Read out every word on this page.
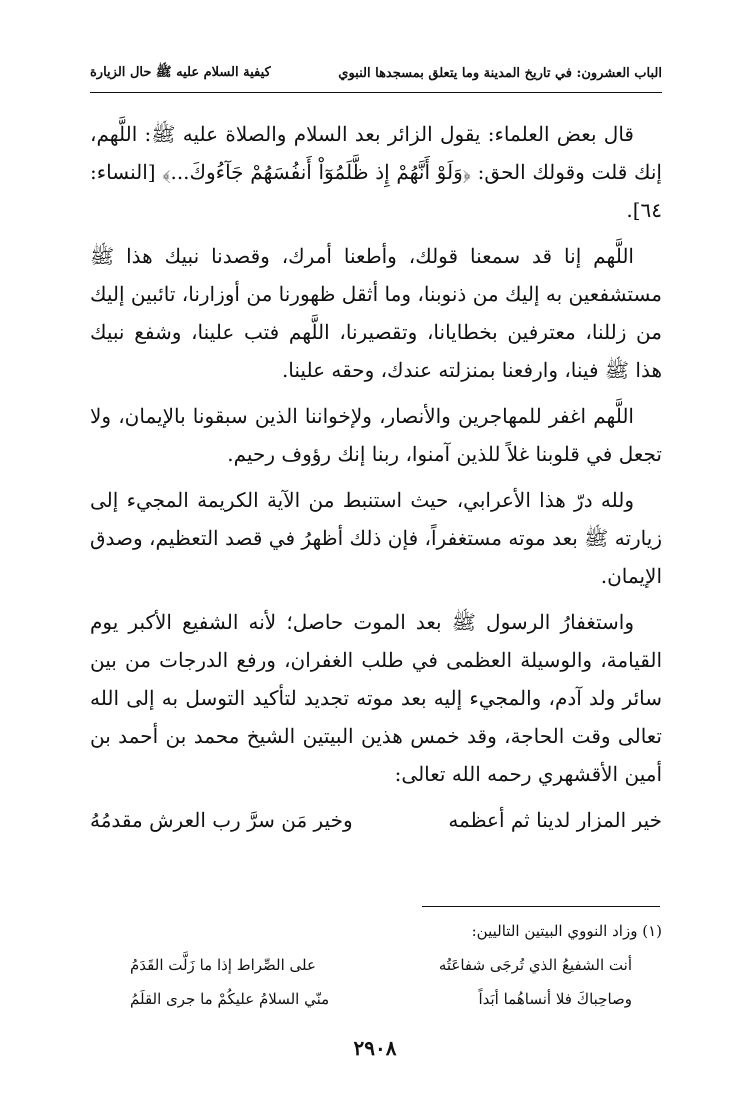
الباب العشرون: في تاريخ المدينة وما يتعلق بمسجدها النبوي
كيفية السلام عليه ﷺ حال الزيارة

قال بعض العلماء: يقول الزائر بعد السلام والصلاة عليه ﷺ: اللَّهم، إنك قلت وقولك الحق: ﴿وَلَوْ أَنَّهُمْ إِذ ظَّلَمُوٓاْ أَنفُسَهُمْ جَآءُوكَ...﴾ [النساء: ٦٤].

اللَّهم إنا قد سمعنا قولك، وأطعنا أمرك، وقصدنا نبيك هذا ﷺ مستشفعين به إليك من ذنوبنا، وما أثقل ظهورنا من أوزارنا، تائبين إليك من زللنا، معترفين بخطايانا، وتقصيرنا، اللَّهم فتب علينا، وشفع نبيك هذا ﷺ فينا، وارفعنا بمنزلته عندك، وحقه علينا.

اللَّهم اغفر للمهاجرين والأنصار، ولإخواننا الذين سبقونا بالإيمان، ولا تجعل في قلوبنا غلاً للذين آمنوا، ربنا إنك رؤوف رحيم.

ولله درّ هذا الأعرابي، حيث استنبط من الآية الكريمة المجيء إلى زيارته ﷺ بعد موته مستغفراً، فإن ذلك أظهرُ في قصد التعظيم، وصدق الإيمان.

واستغفارُ الرسول ﷺ بعد الموت حاصل؛ لأنه الشفيع الأكبر يوم القيامة، والوسيلة العظمى في طلب الغفران، ورفع الدرجات من بين سائر ولد آدم، والمجيء إليه بعد موته تجديد لتأكيد التوسل به إلى الله تعالى وقت الحاجة، وقد خمس هذين البيتين الشيخ محمد بن أحمد بن أمين الأقشهري رحمه الله تعالى:

خير المزار لدينا ثم أعظمه
وخير مَن سرَّ رب العرش مقدمُهُ

(١) وزاد النووي البيتين التاليين:

أنت الشفيعُ الذي تُرجَى شفاعَتُه
على الصِّراط إذا ما زَلَّت القَدَمُ
وصاحِباكَ فلا أنساهُما أبَداً
منّي السلامُ عليكُمْ ما جرى القلَمُ
٢٩٠٨
